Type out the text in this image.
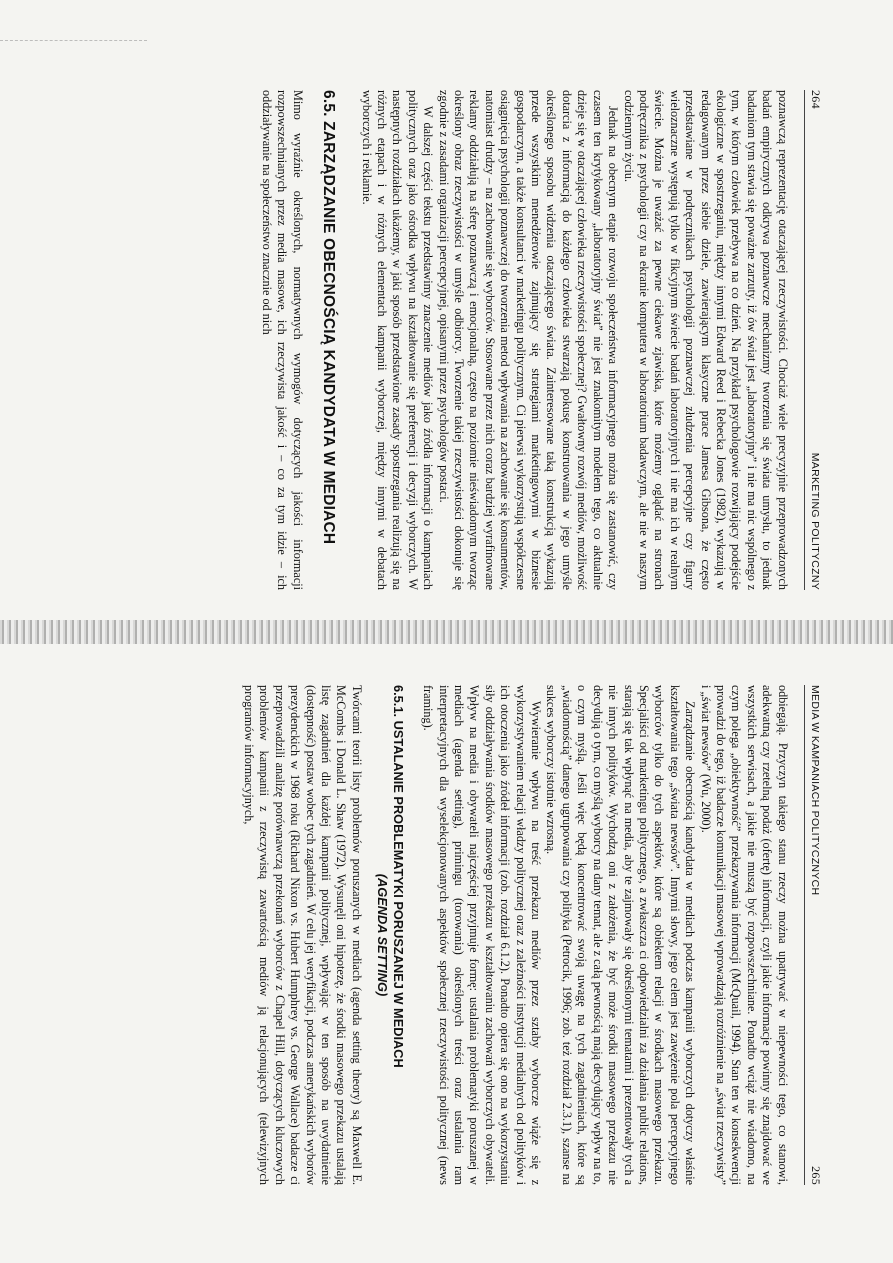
264
MARKETING POLITYCZNY

poznawczą reprezentację otaczającej rzeczywistości. Chociaż wiele precyzyjnie przeprowadzonych badań empirycznych odkrywa poznawcze mechanizmy tworzenia się świata umysłu, to jednak badaniom tym stawia się poważne zarzuty, iż ów świat jest „laboratoryjny” i nie ma nic wspólnego z tym, w którym człowiek przebywa na co dzień. Na przykład psychologowie rozwijający podejście ekologiczne w spostrzeganiu, między innymi Edward Reed i Rebecka Jones (1982), wykazują w redagowanym przez siebie dziele, zawierającym klasyczne prace Jamesa Gibsona, że często przedstawiane w podręcznikach psychologii poznawczej złudzenia percepcyjne czy figury wieloznaczne występują tylko w fikcyjnym świecie badań laboratoryjnych i nie ma ich w realnym świecie. Można je uważać za pewne ciekawe zjawiska, które możemy oglądać na stronach podręcznika z psychologii czy na ekranie komputera w laboratorium badawczym, ale nie w naszym codziennym życiu.

Jednak na obecnym etapie rozwoju społeczeństwa informacyjnego można się zastanowić, czy czasem ten krytykowany „laboratoryjny świat” nie jest znakomitym modelem tego, co aktualnie dzieje się w otaczającej człowieka rzeczywistości społecznej? Gwałtowny rozwój mediów, możliwość dotarcia z informacją do każdego człowieka stwarzają pokusę konstruowania w jego umyśle określonego sposobu widzenia otaczającego świata. Zainteresowane taką konstrukcją wykazują przede wszystkim menedżerowie zajmujący się strategiami marketingowymi w biznesie gospodarczym, a także konsultanci w marketingu politycznym. Ci pierwsi wykorzystują współczesne osiągnięcia psychologii poznawczej do tworzenia metod wpływania na zachowanie się konsumentów, natomiast drudzy – na zachowanie się wyborców. Stosowane przez nich coraz bardziej wyrafinowane reklamy oddziałują na sferę poznawczą i emocjonalną, często na poziomie nieświadomym tworząc określony obraz rzeczywistości w umyśle odbiorcy. Tworzenie takiej rzeczywistości dokonuje się zgodnie z zasadami organizacji percepcyjnej, opisanymi przez psychologów postaci.

W dalszej części tekstu przedstawimy znaczenie mediów jako źródła informacji o kampaniach politycznych oraz jako ośrodka wpływu na kształtowanie się preferencji i decyzji wyborczych. W następnych rozdziałach ukażemy, w jaki sposób przedstawione zasady spostrzegania realizują się na różnych etapach i w różnych elementach kampanii wyborczej, między innymi w debatach wyborczych i reklamie.

6.5. ZARZĄDZANIE OBECNOŚCIĄ KANDYDATA W MEDIACH

Mimo wyraźnie określonych, normatywnych wymogów dotyczących jakości informacji rozpowszechnianych przez media masowe, ich rzeczywista jakość i – co za tym idzie – ich oddziaływanie na społeczeństwo znacznie od nich

MEDIA W KAMPANIACH POLITYCZNYCH
265

odbiegają. Przyczyn takiego stanu rzeczy można upatrywać w niepewności tego, co stanowi, adekwatną czy rzetelną podaż (ofertę) informacji, czyli jakie informacje powinny się znajdować we wszystkich serwisach, a jakie nie muszą być rozpowszechniane. Ponadto wciąż nie wiadomo, na czym polega „obiektywność” przekazywania informacji (McQuail, 1994). Stan ten w konsekwencji prowadzi do tego, iż badacze komunikacji masowej wprowadzają rozróżnienie na „świat rzeczywisty” i „świat newsów” (Wu, 2000).

Zarządzanie obecnością kandydata w mediach podczas kampanii wyborczych dotyczy właśnie kształtowania tego „świata newsów”. Innymi słowy, jego celem jest zawężenie pola percepcyjnego wyborców tylko do tych aspektów, które są obiektem relacji w środkach masowego przekazu. Specjaliści od marketingu politycznego, a zwłaszcza ci odpowiedzialni za działania public relations, starają się tak wpłynąć na media, aby te zajmowały się określonymi tematami i prezentowały tych a nie innych polityków. Wychodzą oni z założenia, że być może środki masowego przekazu nie decydują o tym, co myślą wyborcy na dany temat, ale z całą pewnością mają decydujący wpływ na to, o czym myślą. Jeśli więc będą koncentrować swoją uwagę na tych zagadnieniach, które są „wiadomością” danego ugrupowania czy polityka (Petrocik, 1996; zob. też rozdział 2.3.1), szanse na sukces wyborczy istotnie wzrosną.

Wywieranie wpływu na treść przekazu mediów przez sztaby wyborcze wiąże się z wykorzystywaniem relacji władzy politycznej oraz z zależności instytucji medialnych od polityków i ich otoczenia jako źródeł informacji (zob. rozdział 6.1.2). Ponadto opiera się ono na wykorzystaniu siły oddziaływania środków masowego przekazu w kształtowaniu zachowań wyborczych obywateli. Wpływ na media i obywateli najczęściej przyjmuje formę: ustalania problematyki poruszanej w mediach (agenda setting), primingu (torowania) określonych treści oraz ustalania ram interpretacyjnych dla wyselekcjonowanych aspektów społecznej rzeczywistości politycznej (news framing).

6.5.1. USTALANIE PROBLEMATYKI PORUSZANEJ W MEDIACH
(AGENDA SETTING)

Twórcami teorii listy problemów poruszanych w mediach (agenda setting theory) są Maxwell E. McCombs i Donald L. Shaw (1972). Wysunęli oni hipotezę, że środki masowego przekazu ustalają listę zagadnień dla każdej kampanii politycznej, wpływając w ten sposób na uwydatnienie (dostępność) postaw wobec tych zagadnień. W celu jej weryfikacji, podczas amerykańskich wyborów prezydenckich w 1968 roku (Richard Nixon vs. Hubert Humphrey vs. George Wallace) badacze ci przeprowadzili analizę porównawczą przekonań wyborców z Chapel Hill, dotyczących kluczowych problemów kampanii z rzeczywistą zawartością mediów ją relacjonujących (telewizyjnych programów informacyjnych,
